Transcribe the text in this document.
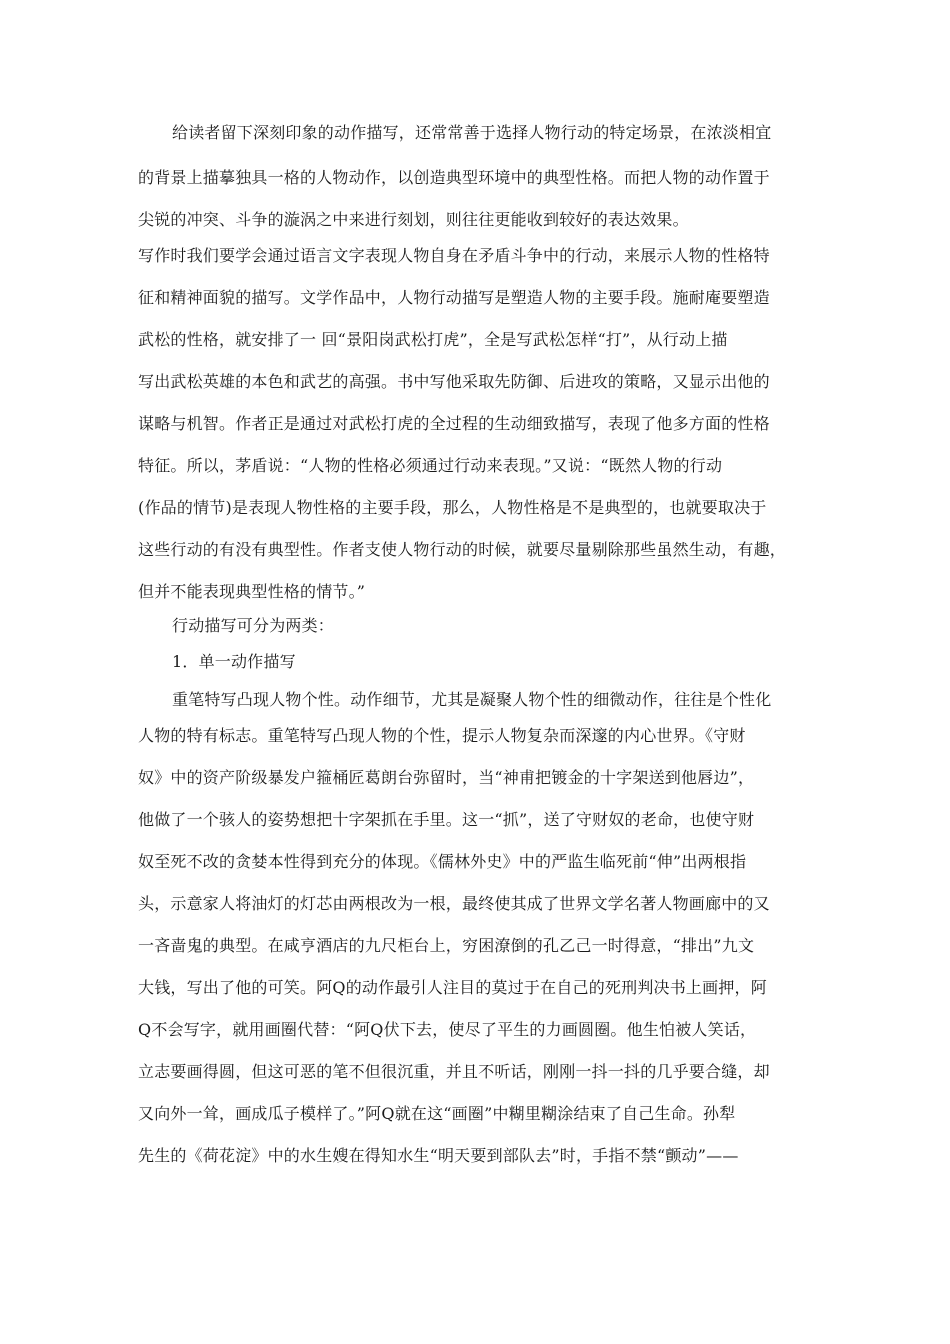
给读者留下深刻印象的动作描写，还常常善于选择人物行动的特定场景，在浓淡相宜
的背景上描摹独具一格的人物动作，以创造典型环境中的典型性格。而把人物的动作置于
尖锐的冲突、斗争的漩涡之中来进行刻划，则往往更能收到较好的表达效果。
写作时我们要学会通过语言文字表现人物自身在矛盾斗争中的行动，来展示人物的性格特
征和精神面貌的描写。文学作品中，人物行动描写是塑造人物的主要手段。施耐庵要塑造
武松的性格，就安排了一 回“景阳岗武松打虎”，全是写武松怎样“打”，从行动上描
写出武松英雄的本色和武艺的高强。书中写他采取先防御、后进攻的策略，又显示出他的
谋略与机智。作者正是通过对武松打虎的全过程的生动细致描写，表现了他多方面的性格
特征。所以，茅盾说：“人物的性格必须通过行动来表现。”又说：“既然人物的行动
(作品的情节)是表现人物性格的主要手段，那么，人物性格是不是典型的，也就要取决于
这些行动的有没有典型性。作者支使人物行动的时候，就要尽量剔除那些虽然生动，有趣，
但并不能表现典型性格的情节。”
行动描写可分为两类：
1．单一动作描写
重笔特写凸现人物个性。动作细节，尤其是凝聚人物个性的细微动作，往往是个性化
人物的特有标志。重笔特写凸现人物的个性，提示人物复杂而深邃的内心世界。《守财
奴》中的资产阶级暴发户箍桶匠葛朗台弥留时，当“神甫把镀金的十字架送到他唇边”，
他做了一个骇人的姿势想把十字架抓在手里。这一“抓”，送了守财奴的老命，也使守财
奴至死不改的贪婪本性得到充分的体现。《儒林外史》中的严监生临死前“伸”出两根指
头，示意家人将油灯的灯芯由两根改为一根，最终使其成了世界文学名著人物画廊中的又
一吝啬鬼的典型。在咸亨酒店的九尺柜台上，穷困潦倒的孔乙己一时得意，“排出”九文
大钱，写出了他的可笑。阿Q的动作最引人注目的莫过于在自己的死刑判决书上画押，阿
Q不会写字，就用画圈代替：“阿Q伏下去，使尽了平生的力画圆圈。他生怕被人笑话，
立志要画得圆，但这可恶的笔不但很沉重，并且不听话，刚刚一抖一抖的几乎要合缝，却
又向外一耸，画成瓜子模样了。”阿Q就在这“画圈”中糊里糊涂结束了自己生命。孙犁
先生的《荷花淀》中的水生嫂在得知水生“明天要到部队去”时，手指不禁“颤动”——
